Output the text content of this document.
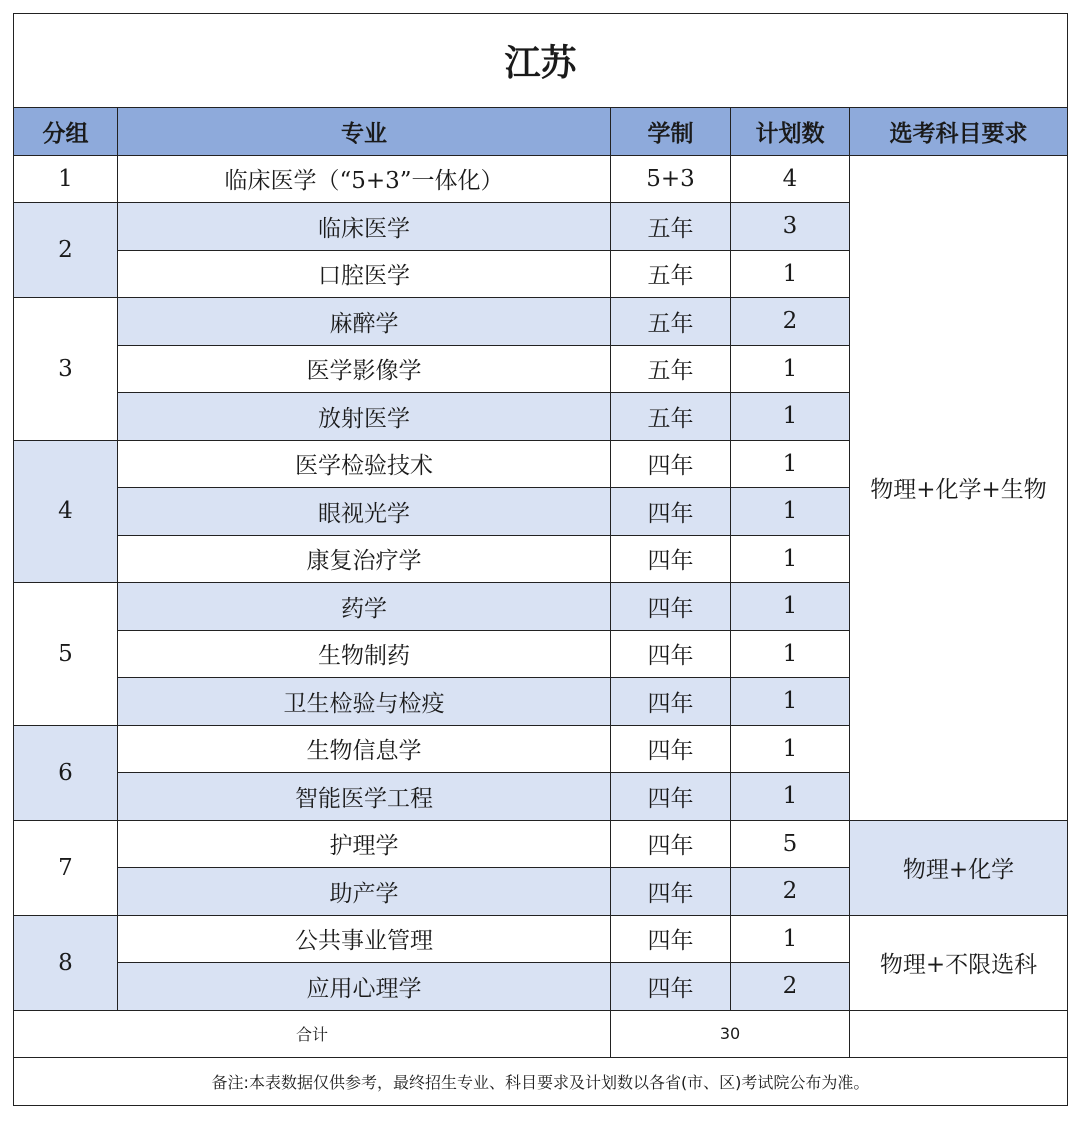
江苏				
分组	专业	学制	计划数	选考科目要求
1	临床医学（“5+3”一体化）	5+3	4	物理+化学+生物
2	临床医学	五年	3	
	口腔医学	五年	1	
3	麻醉学	五年	2	
	医学影像学	五年	1	
	放射医学	五年	1	
4	医学检验技术	四年	1	
	眼视光学	四年	1	
	康复治疗学	四年	1	
5	药学	四年	1	
	生物制药	四年	1	
	卫生检验与检疫	四年	1	
6	生物信息学	四年	1	
	智能医学工程	四年	1	
7	护理学	四年	5	物理+化学
	助产学	四年	2	
8	公共事业管理	四年	1	物理+不限选科
	应用心理学	四年	2	
合计		30		
备注:本表数据仅供参考，最终招生专业、科目要求及计划数以各省(市、区)考试院公布为准。				
